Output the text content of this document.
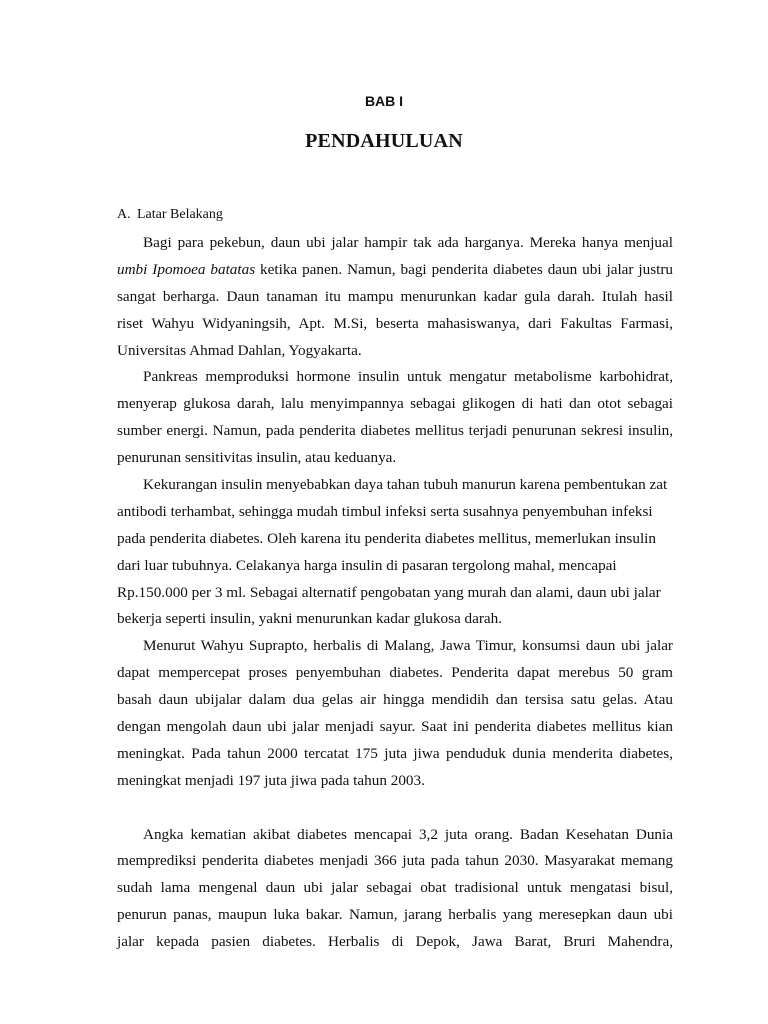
BAB I
PENDAHULUAN
A. Latar Belakang
Bagi para pekebun, daun ubi jalar hampir tak ada harganya. Mereka hanya menjual
umbi Ipomoea batatas ketika panen. Namun, bagi penderita diabetes daun ubi jalar justru
sangat berharga. Daun tanaman itu mampu menurunkan kadar gula darah. Itulah hasil
riset Wahyu Widyaningsih, Apt. M.Si, beserta mahasiswanya, dari Fakultas Farmasi,
Universitas Ahmad Dahlan, Yogyakarta.
Pankreas memproduksi hormone insulin untuk mengatur metabolisme karbohidrat,
menyerap glukosa darah, lalu menyimpannya sebagai glikogen di hati dan otot sebagai
sumber energi. Namun, pada penderita diabetes mellitus terjadi penurunan sekresi insulin,
penurunan sensitivitas insulin, atau keduanya.
Kekurangan insulin menyebabkan daya tahan tubuh manurun karena pembentukan zat
antibodi terhambat, sehingga mudah timbul infeksi serta susahnya penyembuhan infeksi
pada penderita diabetes. Oleh karena itu penderita diabetes mellitus, memerlukan insulin
dari luar tubuhnya. Celakanya harga insulin di pasaran tergolong mahal, mencapai
Rp.150.000 per 3 ml. Sebagai alternatif pengobatan yang murah dan alami, daun ubi jalar
bekerja seperti insulin, yakni menurunkan kadar glukosa darah.
Menurut Wahyu Suprapto, herbalis di Malang, Jawa Timur, konsumsi daun ubi jalar
dapat mempercepat proses penyembuhan diabetes. Penderita dapat merebus 50 gram
basah daun ubijalar dalam dua gelas air hingga mendidih dan tersisa satu gelas. Atau
dengan mengolah daun ubi jalar menjadi sayur. Saat ini penderita diabetes mellitus kian
meningkat. Pada tahun 2000 tercatat 175 juta jiwa penduduk dunia menderita diabetes,
meningkat menjadi 197 juta jiwa pada tahun 2003.
Angka kematian akibat diabetes mencapai 3,2 juta orang. Badan Kesehatan Dunia
memprediksi penderita diabetes menjadi 366 juta pada tahun 2030. Masyarakat memang
sudah lama mengenal daun ubi jalar sebagai obat tradisional untuk mengatasi bisul,
penurun panas, maupun luka bakar. Namun, jarang herbalis yang meresepkan daun ubi
jalar kepada pasien diabetes. Herbalis di Depok, Jawa Barat, Bruri Mahendra,
